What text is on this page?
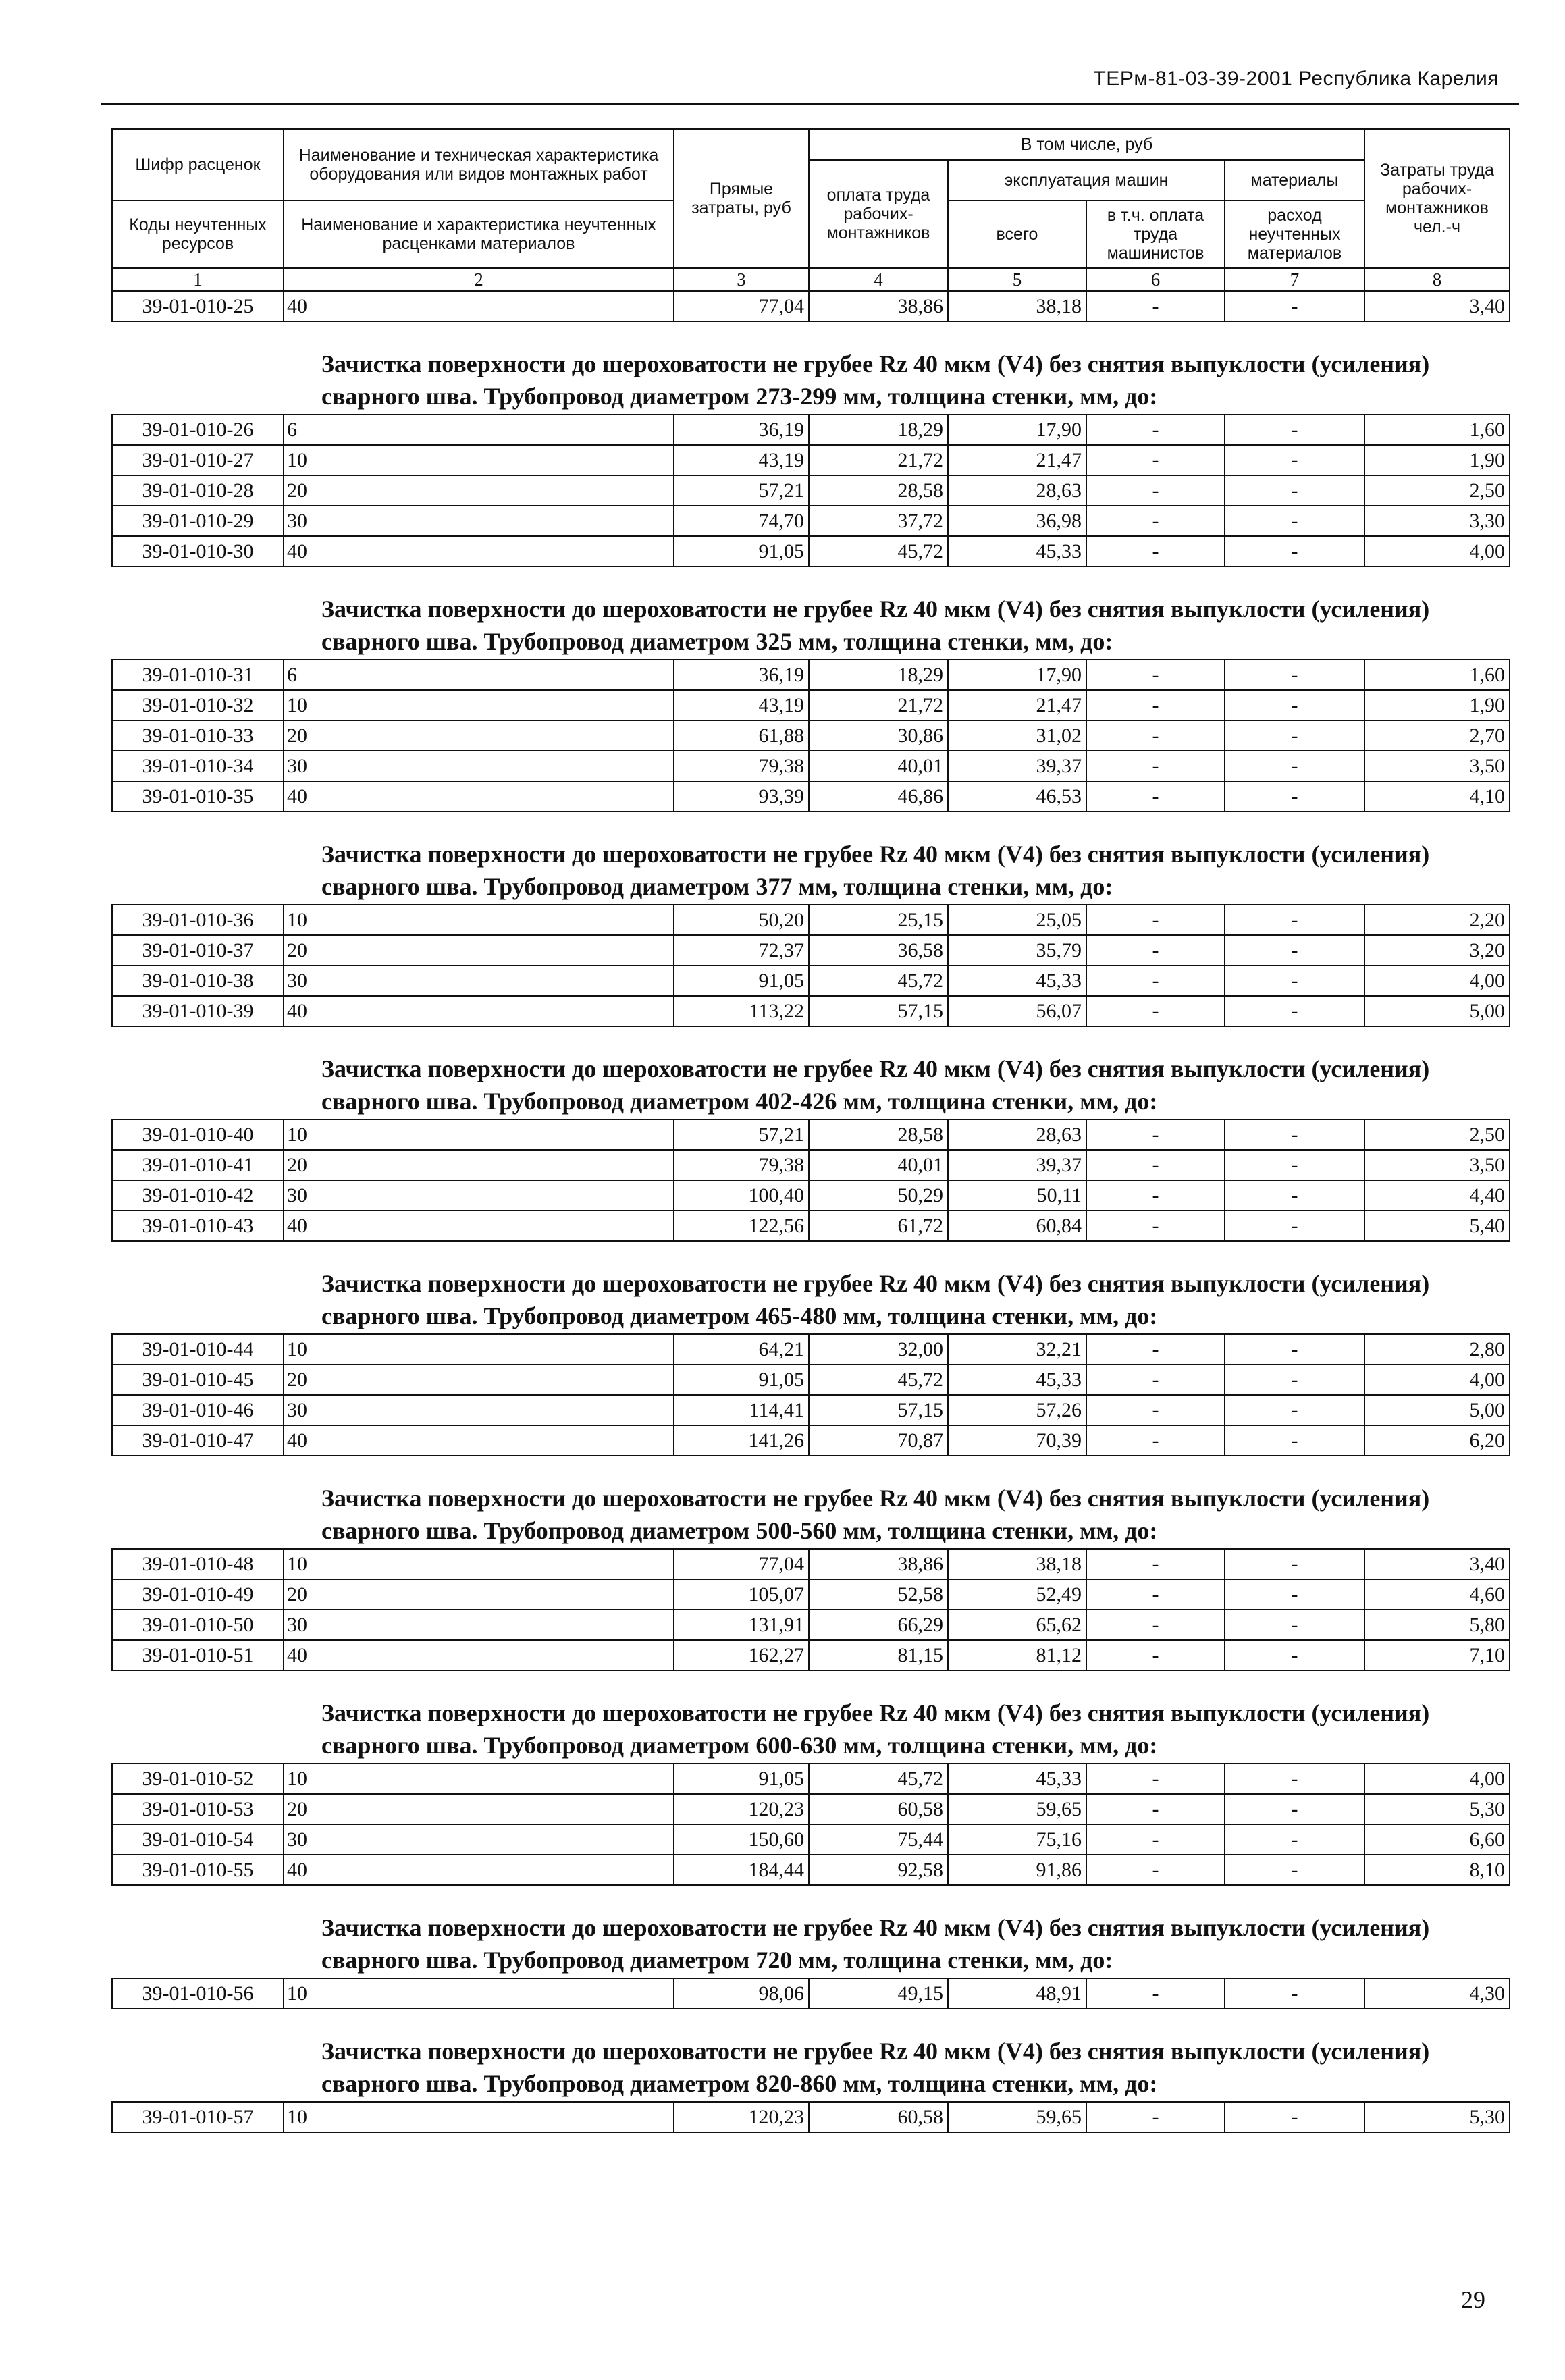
ТЕРм-81-03-39-2001 Республика Карелия
Шифр расценок	Наименование и техническая характеристика оборудования или видов монтажных работ	Прямые затраты, руб	В том числе, руб				Затраты труда рабочих-монтажников чел.-ч
			оплата труда рабочих-монтажников	эксплуатация машин		материалы	

Коды неучтенных ресурсов	Наименование и характеристика неучтенных расценками материалов			всего	в т.ч. оплата труда машинистов	расход неучтенных материалов	

1	2	3	4	5	6	7	8
39-01-010-25	40	77,04	38,86	38,18	-	-	3,40
Зачистка поверхности до шероховатости не грубее Rz 40 мкм (V4) без снятия выпуклости (усиления) сварного шва. Трубопровод диаметром 273-299 мм, толщина стенки, мм, до:							
39-01-010-26	6	36,19	18,29	17,90	-	-	1,60
39-01-010-27	10	43,19	21,72	21,47	-	-	1,90
39-01-010-28	20	57,21	28,58	28,63	-	-	2,50
39-01-010-29	30	74,70	37,72	36,98	-	-	3,30
39-01-010-30	40	91,05	45,72	45,33	-	-	4,00
Зачистка поверхности до шероховатости не грубее Rz 40 мкм (V4) без снятия выпуклости (усиления) сварного шва. Трубопровод диаметром 325 мм, толщина стенки, мм, до:							
39-01-010-31	6	36,19	18,29	17,90	-	-	1,60
39-01-010-32	10	43,19	21,72	21,47	-	-	1,90
39-01-010-33	20	61,88	30,86	31,02	-	-	2,70
39-01-010-34	30	79,38	40,01	39,37	-	-	3,50
39-01-010-35	40	93,39	46,86	46,53	-	-	4,10
Зачистка поверхности до шероховатости не грубее Rz 40 мкм (V4) без снятия выпуклости (усиления) сварного шва. Трубопровод диаметром 377 мм, толщина стенки, мм, до:							
39-01-010-36	10	50,20	25,15	25,05	-	-	2,20
39-01-010-37	20	72,37	36,58	35,79	-	-	3,20
39-01-010-38	30	91,05	45,72	45,33	-	-	4,00
39-01-010-39	40	113,22	57,15	56,07	-	-	5,00
Зачистка поверхности до шероховатости не грубее Rz 40 мкм (V4) без снятия выпуклости (усиления) сварного шва. Трубопровод диаметром 402-426 мм, толщина стенки, мм, до:							
39-01-010-40	10	57,21	28,58	28,63	-	-	2,50
39-01-010-41	20	79,38	40,01	39,37	-	-	3,50
39-01-010-42	30	100,40	50,29	50,11	-	-	4,40
39-01-010-43	40	122,56	61,72	60,84	-	-	5,40
Зачистка поверхности до шероховатости не грубее Rz 40 мкм (V4) без снятия выпуклости (усиления) сварного шва. Трубопровод диаметром 465-480 мм, толщина стенки, мм, до:							
39-01-010-44	10	64,21	32,00	32,21	-	-	2,80
39-01-010-45	20	91,05	45,72	45,33	-	-	4,00
39-01-010-46	30	114,41	57,15	57,26	-	-	5,00
39-01-010-47	40	141,26	70,87	70,39	-	-	6,20
Зачистка поверхности до шероховатости не грубее Rz 40 мкм (V4) без снятия выпуклости (усиления) сварного шва. Трубопровод диаметром 500-560 мм, толщина стенки, мм, до:							
39-01-010-48	10	77,04	38,86	38,18	-	-	3,40
39-01-010-49	20	105,07	52,58	52,49	-	-	4,60
39-01-010-50	30	131,91	66,29	65,62	-	-	5,80
39-01-010-51	40	162,27	81,15	81,12	-	-	7,10
Зачистка поверхности до шероховатости не грубее Rz 40 мкм (V4) без снятия выпуклости (усиления) сварного шва. Трубопровод диаметром 600-630 мм, толщина стенки, мм, до:							
39-01-010-52	10	91,05	45,72	45,33	-	-	4,00
39-01-010-53	20	120,23	60,58	59,65	-	-	5,30
39-01-010-54	30	150,60	75,44	75,16	-	-	6,60
39-01-010-55	40	184,44	92,58	91,86	-	-	8,10
Зачистка поверхности до шероховатости не грубее Rz 40 мкм (V4) без снятия выпуклости (усиления) сварного шва. Трубопровод диаметром 720 мм, толщина стенки, мм, до:							
39-01-010-56	10	98,06	49,15	48,91	-	-	4,30
Зачистка поверхности до шероховатости не грубее Rz 40 мкм (V4) без снятия выпуклости (усиления) сварного шва. Трубопровод диаметром 820-860 мм, толщина стенки, мм, до:							
39-01-010-57	10	120,23	60,58	59,65	-	-	5,30
29
